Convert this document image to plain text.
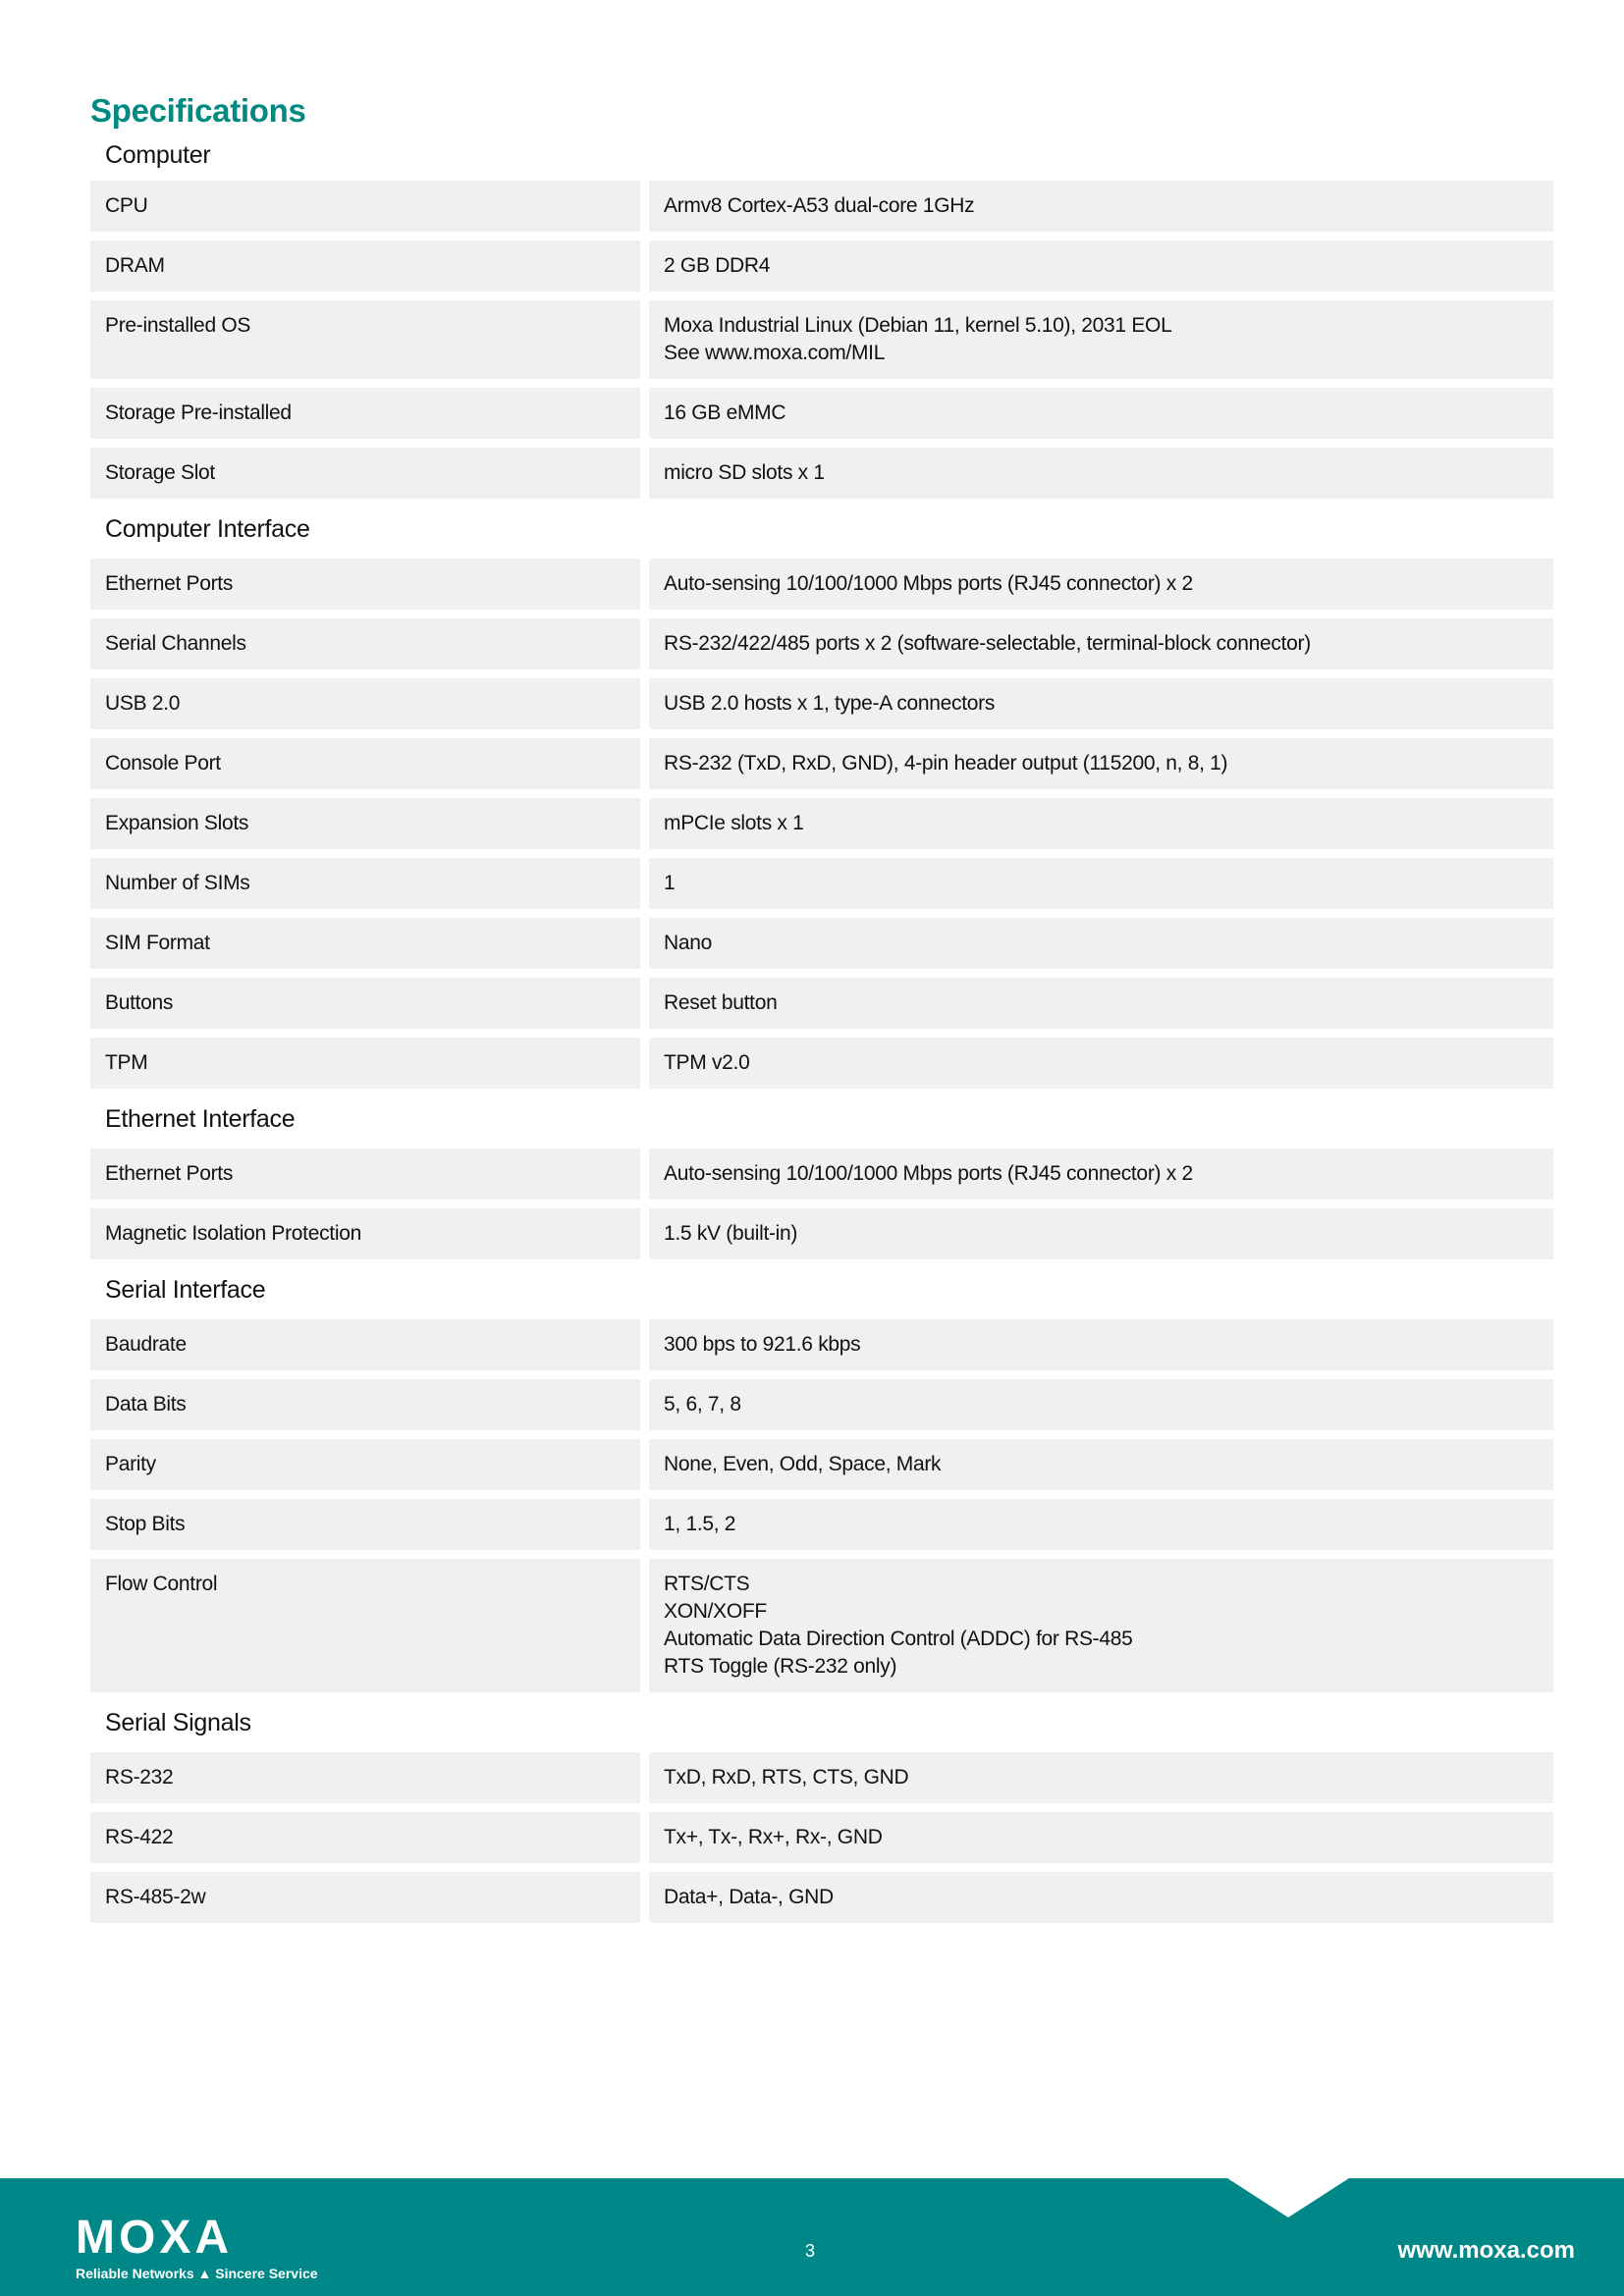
Specifications
Computer
CPU	Armv8 Cortex-A53 dual-core 1GHz
DRAM	2 GB DDR4
Pre-installed OS	Moxa Industrial Linux (Debian 11, kernel 5.10), 2031 EOL
See www.moxa.com/MIL
Storage Pre-installed	16 GB eMMC
Storage Slot	micro SD slots x 1
Computer Interface
Ethernet Ports	Auto-sensing 10/100/1000 Mbps ports (RJ45 connector) x 2
Serial Channels	RS-232/422/485 ports x 2 (software-selectable, terminal-block connector)
USB 2.0	USB 2.0 hosts x 1, type-A connectors
Console Port	RS-232 (TxD, RxD, GND), 4-pin header output (115200, n, 8, 1)
Expansion Slots	mPCIe slots x 1
Number of SIMs	1
SIM Format	Nano
Buttons	Reset button
TPM	TPM v2.0
Ethernet Interface
Ethernet Ports	Auto-sensing 10/100/1000 Mbps ports (RJ45 connector) x 2
Magnetic Isolation Protection	1.5 kV (built-in)
Serial Interface
Baudrate	300 bps to 921.6 kbps
Data Bits	5, 6, 7, 8
Parity	None, Even, Odd, Space, Mark
Stop Bits	1, 1.5, 2
Flow Control	RTS/CTS
XON/XOFF
Automatic Data Direction Control (ADDC) for RS-485
RTS Toggle (RS-232 only)
Serial Signals
RS-232	TxD, RxD, RTS, CTS, GND
RS-422	Tx+, Tx-, Rx+, Rx-, GND
RS-485-2w	Data+, Data-, GND
MOXA
Reliable Networks ▲ Sincere Service
3	www.moxa.com
